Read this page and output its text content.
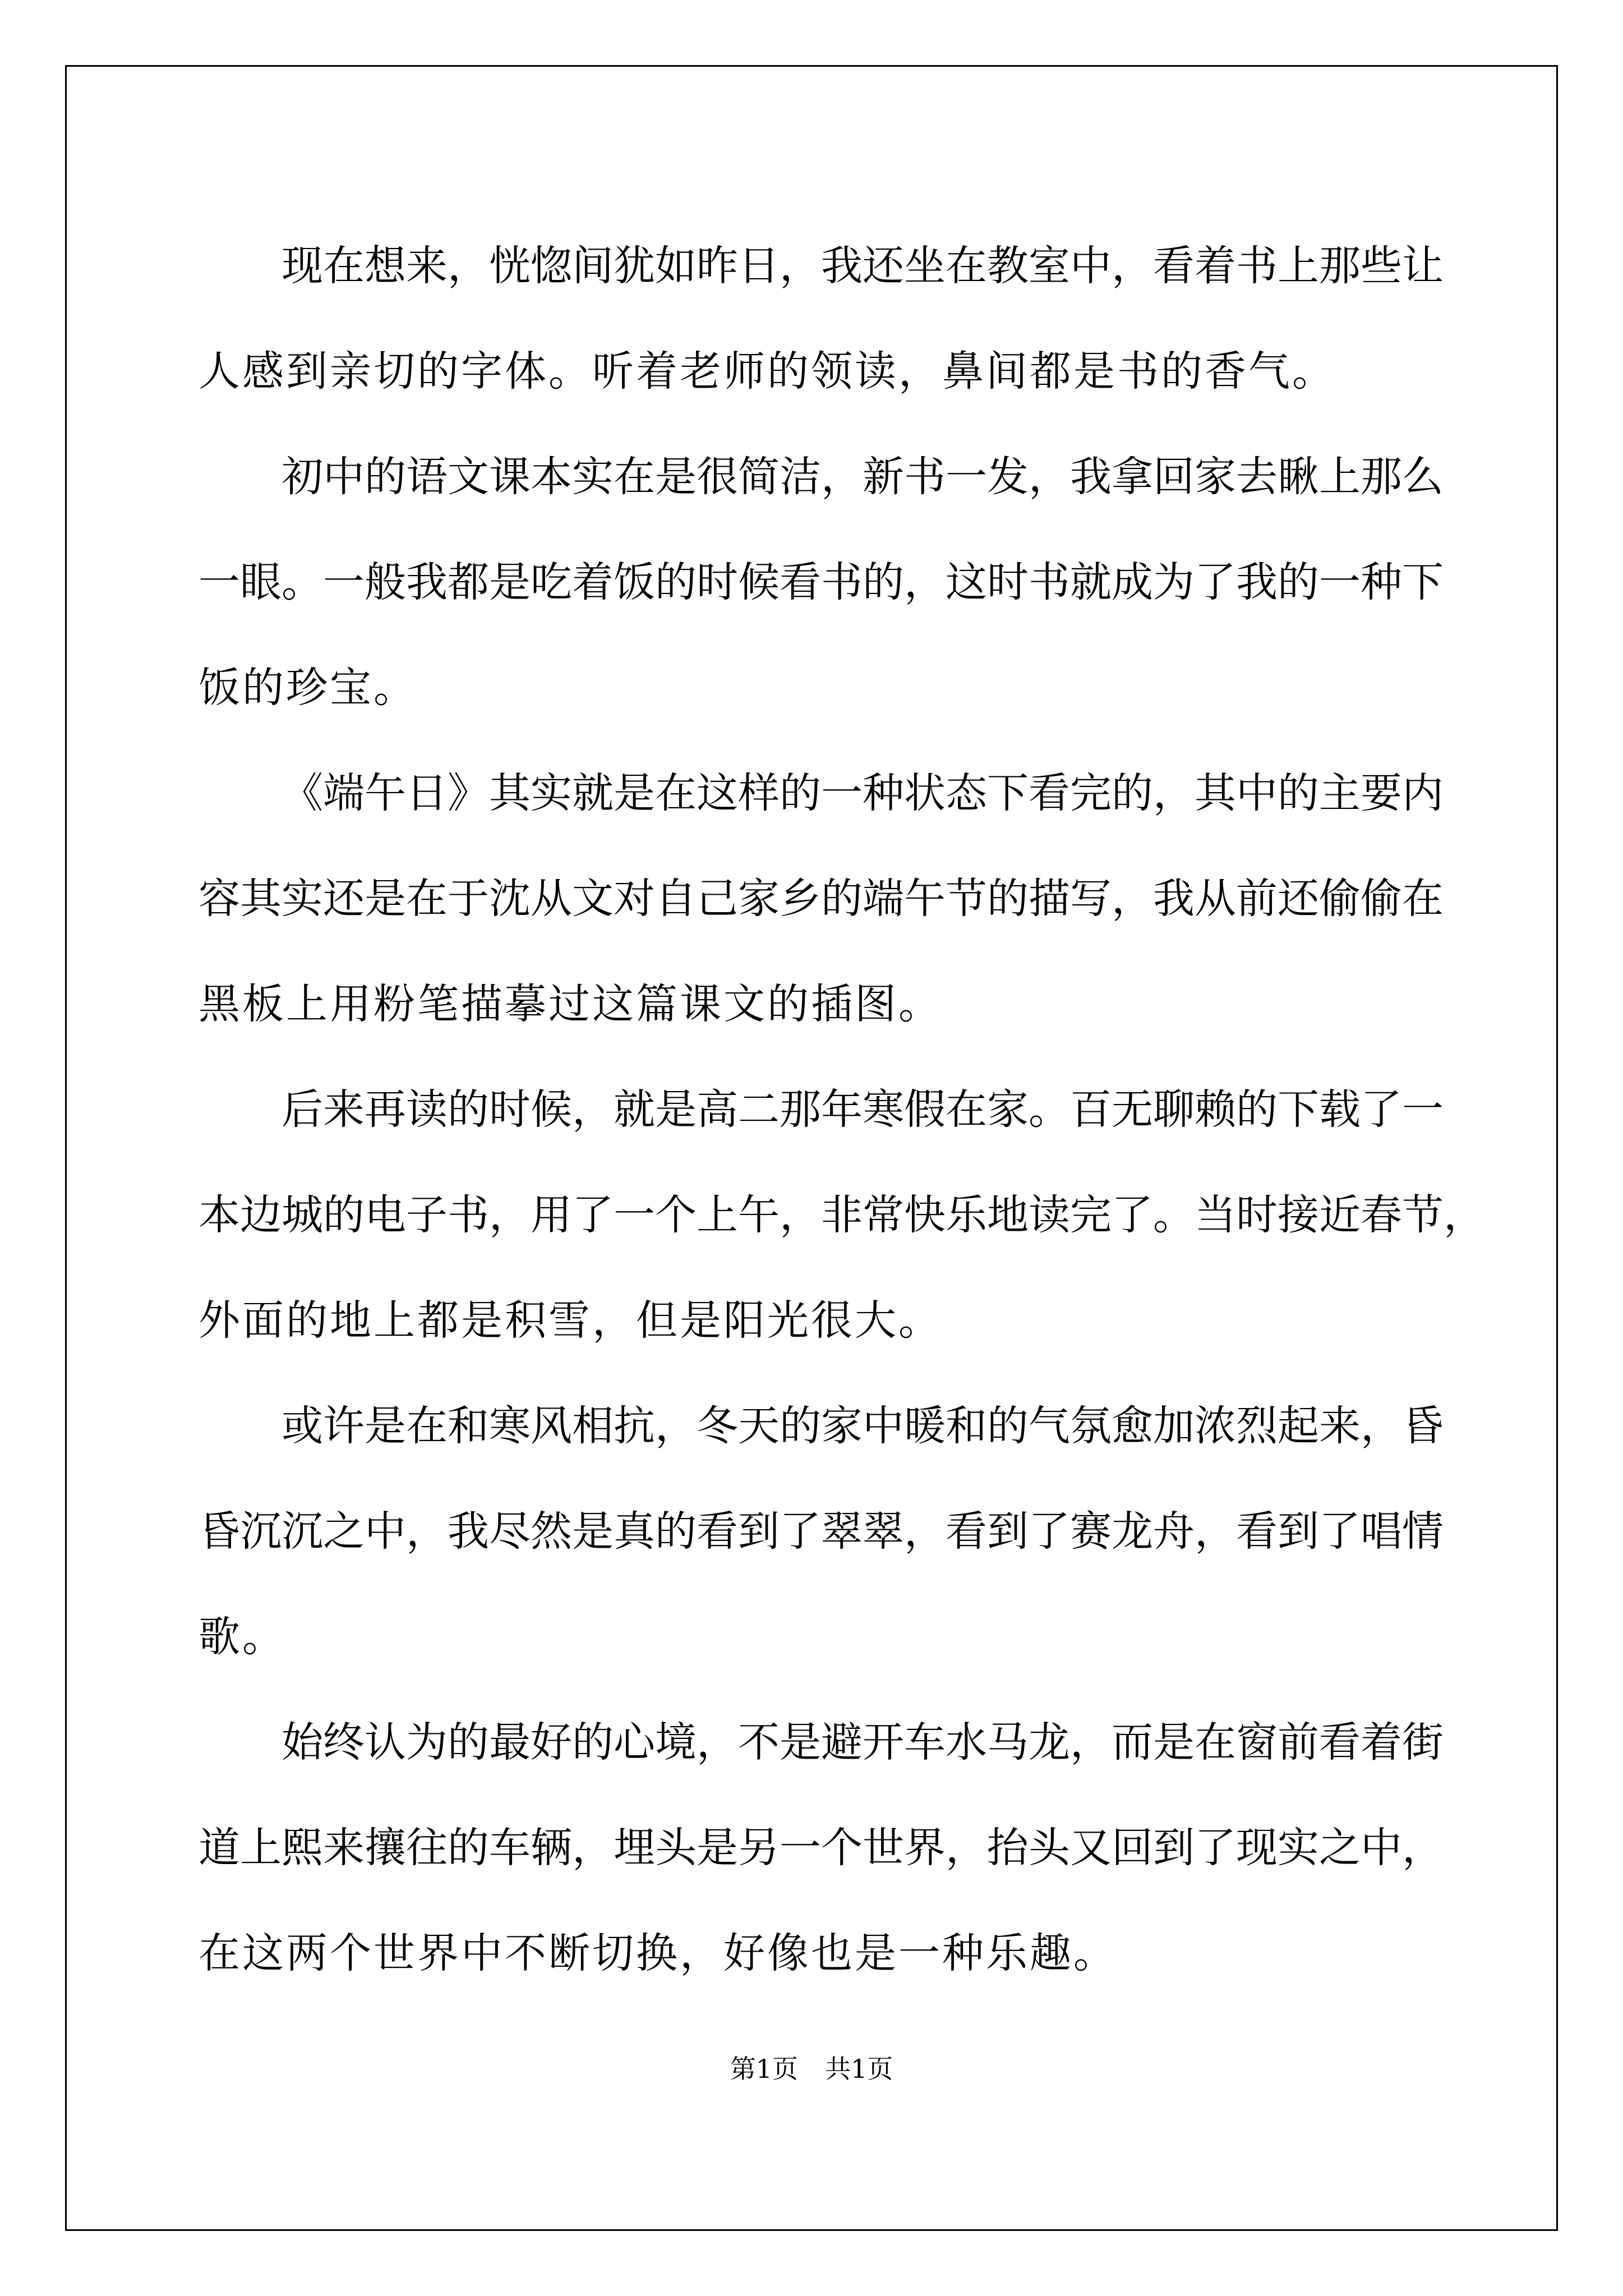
现在想来，恍惚间犹如昨日，我还坐在教室中，看着书上那些让
人感到亲切的字体。听着老师的领读，鼻间都是书的香气。
初中的语文课本实在是很简洁，新书一发，我拿回家去瞅上那么
一眼。一般我都是吃着饭的时候看书的，这时书就成为了我的一种下
饭的珍宝。
《端午日》其实就是在这样的一种状态下看完的，其中的主要内
容其实还是在于沈从文对自己家乡的端午节的描写，我从前还偷偷在
黑板上用粉笔描摹过这篇课文的插图。
后来再读的时候，就是高二那年寒假在家。百无聊赖的下载了一
本边城的电子书，用了一个上午，非常快乐地读完了。当时接近春节，
外面的地上都是积雪，但是阳光很大。
或许是在和寒风相抗，冬天的家中暖和的气氛愈加浓烈起来，昏
昏沉沉之中，我尽然是真的看到了翠翠，看到了赛龙舟，看到了唱情
歌。
始终认为的最好的心境，不是避开车水马龙，而是在窗前看着街
道上熙来攘往的车辆，埋头是另一个世界，抬头又回到了现实之中，
在这两个世界中不断切换，好像也是一种乐趣。
第1页 共1页
